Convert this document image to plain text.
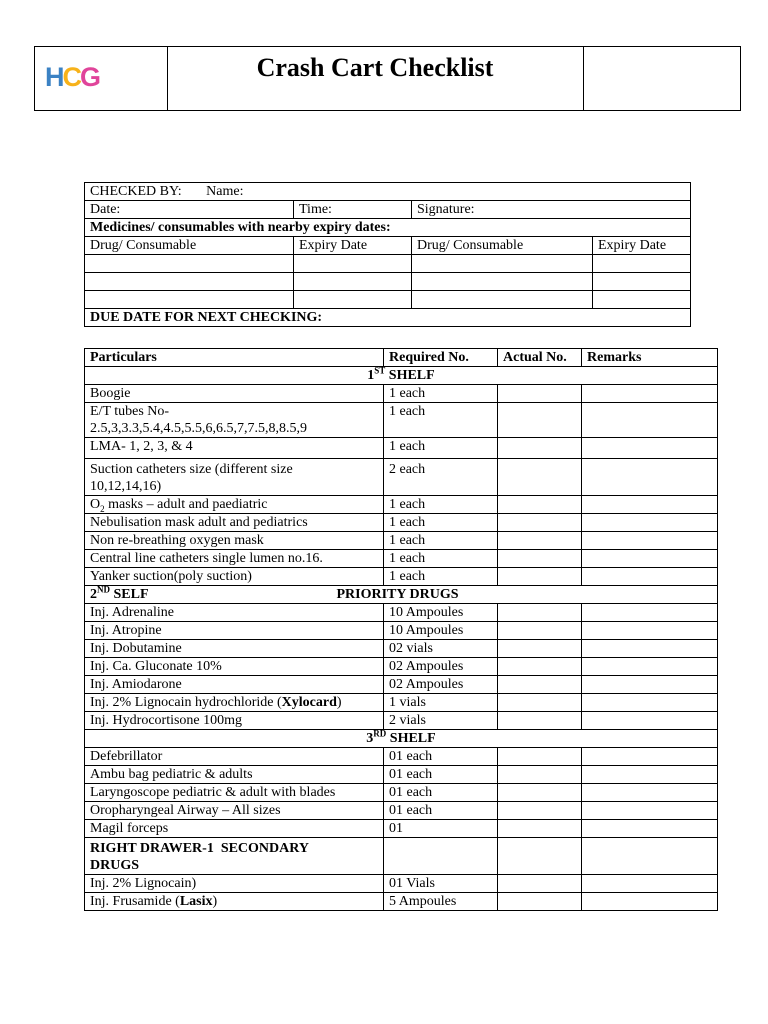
HCG	Crash Cart Checklist
CHECKED BY: Name:			
Date:	Time:	Signature:	
Medicines/ consumables with nearby expiry dates:			
Drug/ Consumable	Expiry Date	Drug/ Consumable	Expiry Date

DUE DATE FOR NEXT CHECKING:			
Particulars	Required No.	Actual No.	Remarks
1ST SHELF			
Boogie	1 each		

E/T tubes No-
2.5,3,3.3,5.4,4.5,5.5,6,6.5,7,7.5,8,8.5,9	1 each		
LMA- 1, 2, 3, & 4	1 each		

Suction catheters size (different size
10,12,14,16)	2 each		
$O_2$ masks – adult and paediatric	1 each		
Nebulisation mask adult and pediatrics	1 each		
Non re-breathing oxygen mask	1 each		
Central line catheters single lumen no.16.	1 each		
Yanker suction(poly suction)	1 each		
2ND SELF PRIORITY DRUGS			
Inj. Adrenaline	10 Ampoules		
Inj. Atropine	10 Ampoules		
Inj. Dobutamine	02 vials		
Inj. Ca. Gluconate 10%	02 Ampoules		
Inj. Amiodarone	02 Ampoules		
Inj. 2% Lignocain hydrochloride (Xylocard)	1 vials		
Inj. Hydrocortisone 100mg	2 vials		
3RD SHELF			
Defebrillator	01 each		
Ambu bag pediatric & adults	01 each		
Laryngoscope pediatric & adult with blades	01 each		
Oropharyngeal Airway – All sizes	01 each		
Magil forceps	01		

RIGHT DRAWER-1  SECONDARY
DRUGS			

Inj. 2% Lignocain)	01 Vials		
Inj. Frusamide (Lasix)	5 Ampoules		
